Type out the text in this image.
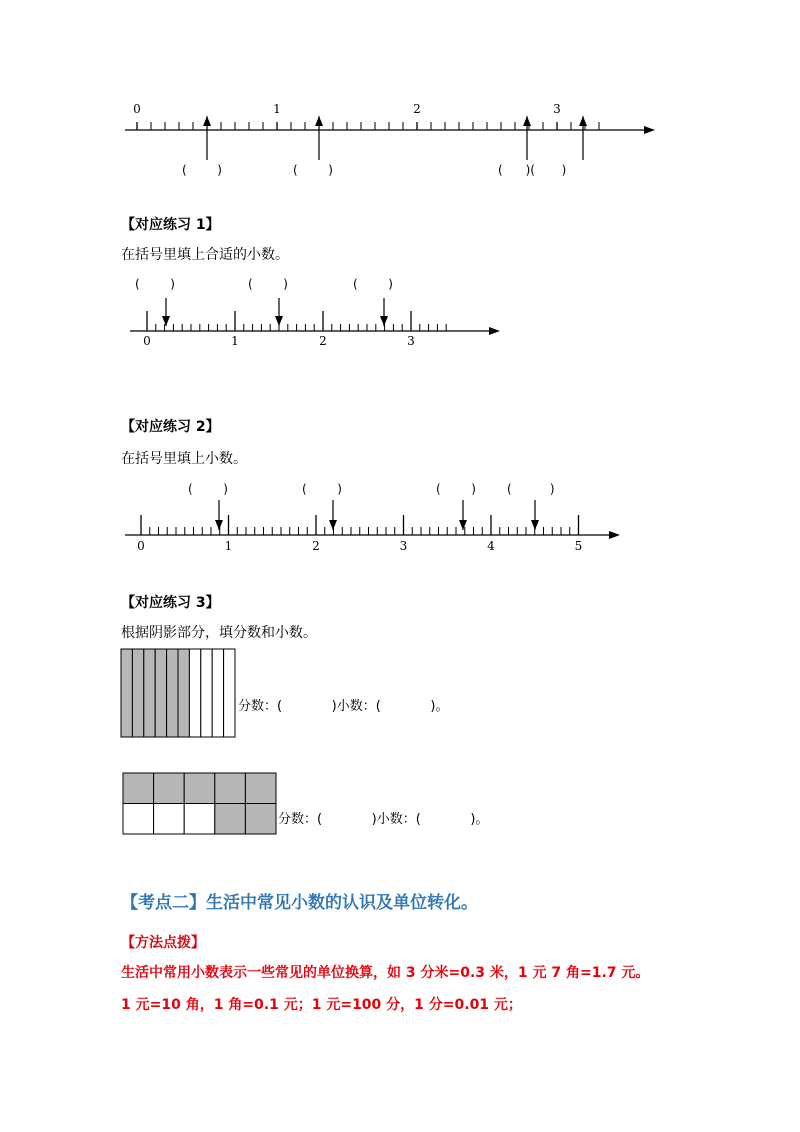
0	1	2	3
(        )	(        )	(      )(       )
【对应练习 1】
在括号里填上合适的小数。
0	1	2	3
(        )	(        )	(        )
【对应练习 2】
在括号里填上小数。
0	1	2	3	4	5
(        )	(        )	(        )	(          )
【对应练习 3】
根据阴影部分，填分数和小数。
分数：(            )小数：(            )。
分数：(            )小数：(            )。
【考点二】生活中常见小数的认识及单位转化。
【方法点拨】
生活中常用小数表示一些常见的单位换算，如 3 分米=0.3 米，1 元 7 角=1.7 元。
1 元=10 角，1 角=0.1 元；1 元=100 分，1 分=0.01 元；
